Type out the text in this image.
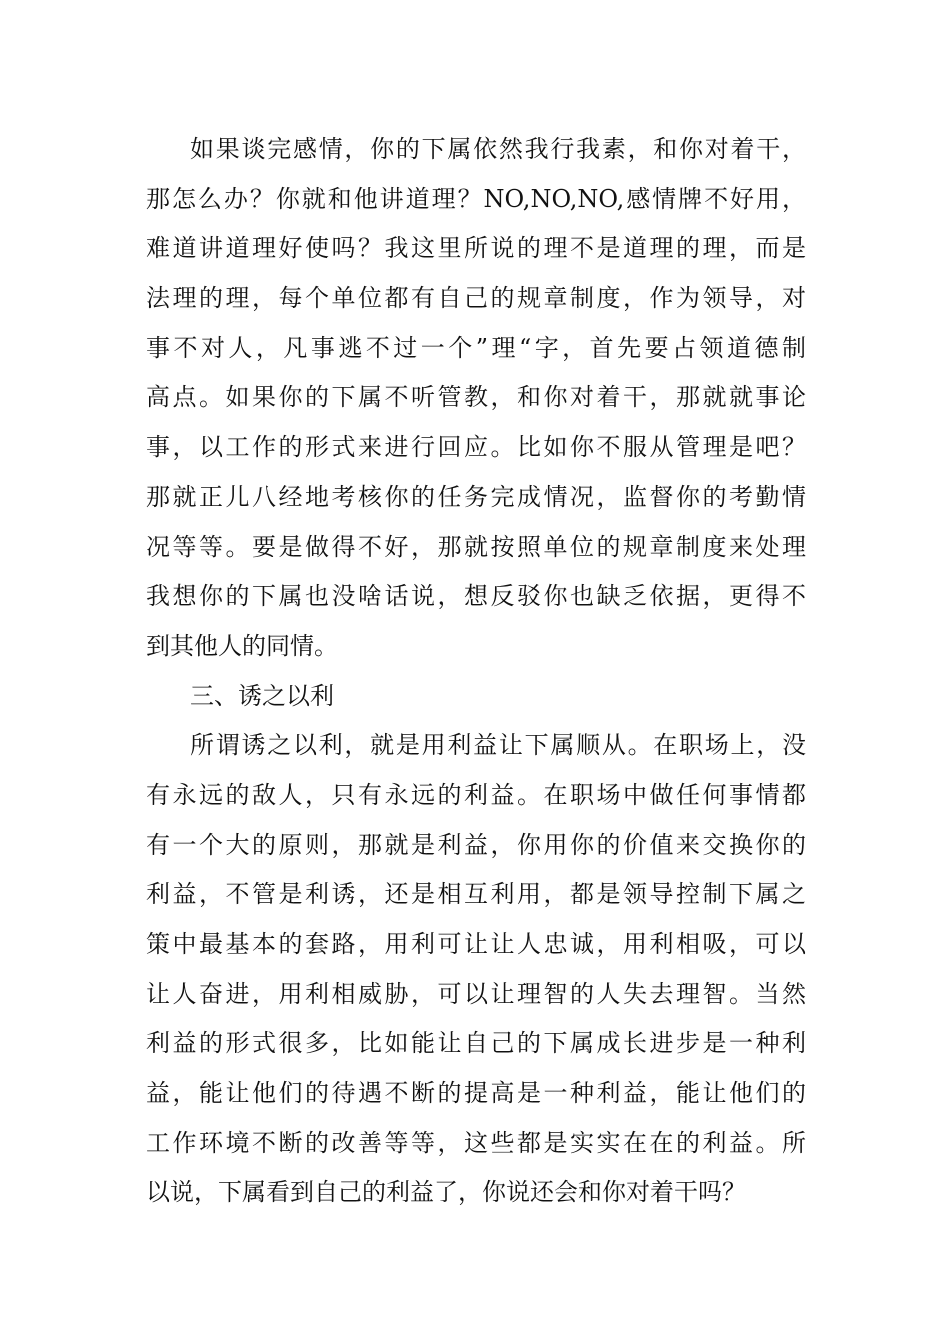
如果谈完感情，你的下属依然我行我素，和你对着干，
那怎么办？你就和他讲道理？NO,NO,NO,感情牌不好用，
难道讲道理好使吗？我这里所说的理不是道理的理，而是
法理的理，每个单位都有自己的规章制度，作为领导，对
事不对人，凡事逃不过一个”理“字，首先要占领道德制
高点。如果你的下属不听管教，和你对着干，那就就事论
事，以工作的形式来进行回应。比如你不服从管理是吧？
那就正儿八经地考核你的任务完成情况，监督你的考勤情
况等等。要是做得不好，那就按照单位的规章制度来处理
我想你的下属也没啥话说，想反驳你也缺乏依据，更得不
到其他人的同情。
三、诱之以利
所谓诱之以利，就是用利益让下属顺从。在职场上，没
有永远的敌人，只有永远的利益。在职场中做任何事情都
有一个大的原则，那就是利益，你用你的价值来交换你的
利益，不管是利诱，还是相互利用，都是领导控制下属之
策中最基本的套路，用利可让让人忠诚，用利相吸，可以
让人奋进，用利相威胁，可以让理智的人失去理智。当然
利益的形式很多，比如能让自己的下属成长进步是一种利
益，能让他们的待遇不断的提高是一种利益，能让他们的
工作环境不断的改善等等，这些都是实实在在的利益。所
以说，下属看到自己的利益了，你说还会和你对着干吗？
